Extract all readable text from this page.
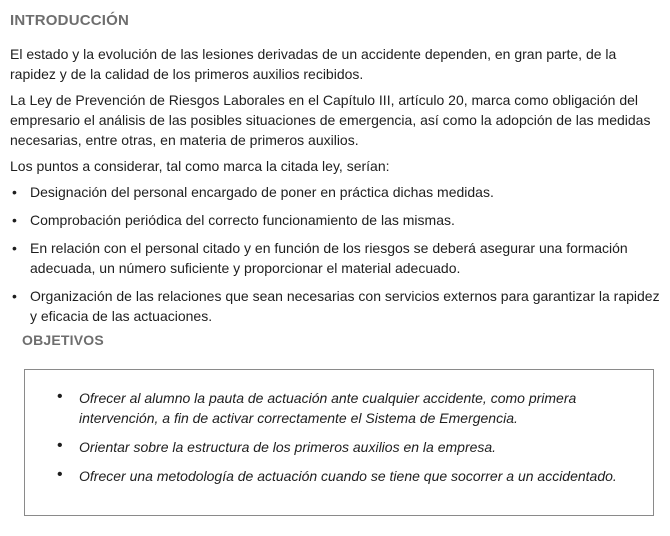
INTRODUCCIÓN

El estado y la evolución de las lesiones derivadas de un accidente dependen, en gran parte, de la rapidez y de la calidad de los primeros auxilios recibidos.

La Ley de Prevención de Riesgos Laborales en el Capítulo III, artículo 20, marca como obligación del empresario el análisis de las posibles situaciones de emergencia, así como la adopción de las medidas necesarias, entre otras, en materia de primeros auxilios.

Los puntos a considerar, tal como marca la citada ley, serían:

• Designación del personal encargado de poner en práctica dichas medidas.
• Comprobación periódica del correcto funcionamiento de las mismas.
• En relación con el personal citado y en función de los riesgos se deberá asegurar una formación adecuada, un número suficiente y proporcionar el material adecuado.
• Organización de las relaciones que sean necesarias con servicios externos para garantizar la rapidez y eficacia de las actuaciones.
OBJETIVOS
• Ofrecer al alumno la pauta de actuación ante cualquier accidente, como primera intervención, a fin de activar correctamente el Sistema de Emergencia.
• Orientar sobre la estructura de los primeros auxilios en la empresa.
• Ofrecer una metodología de actuación cuando se tiene que socorrer a un accidentado.
